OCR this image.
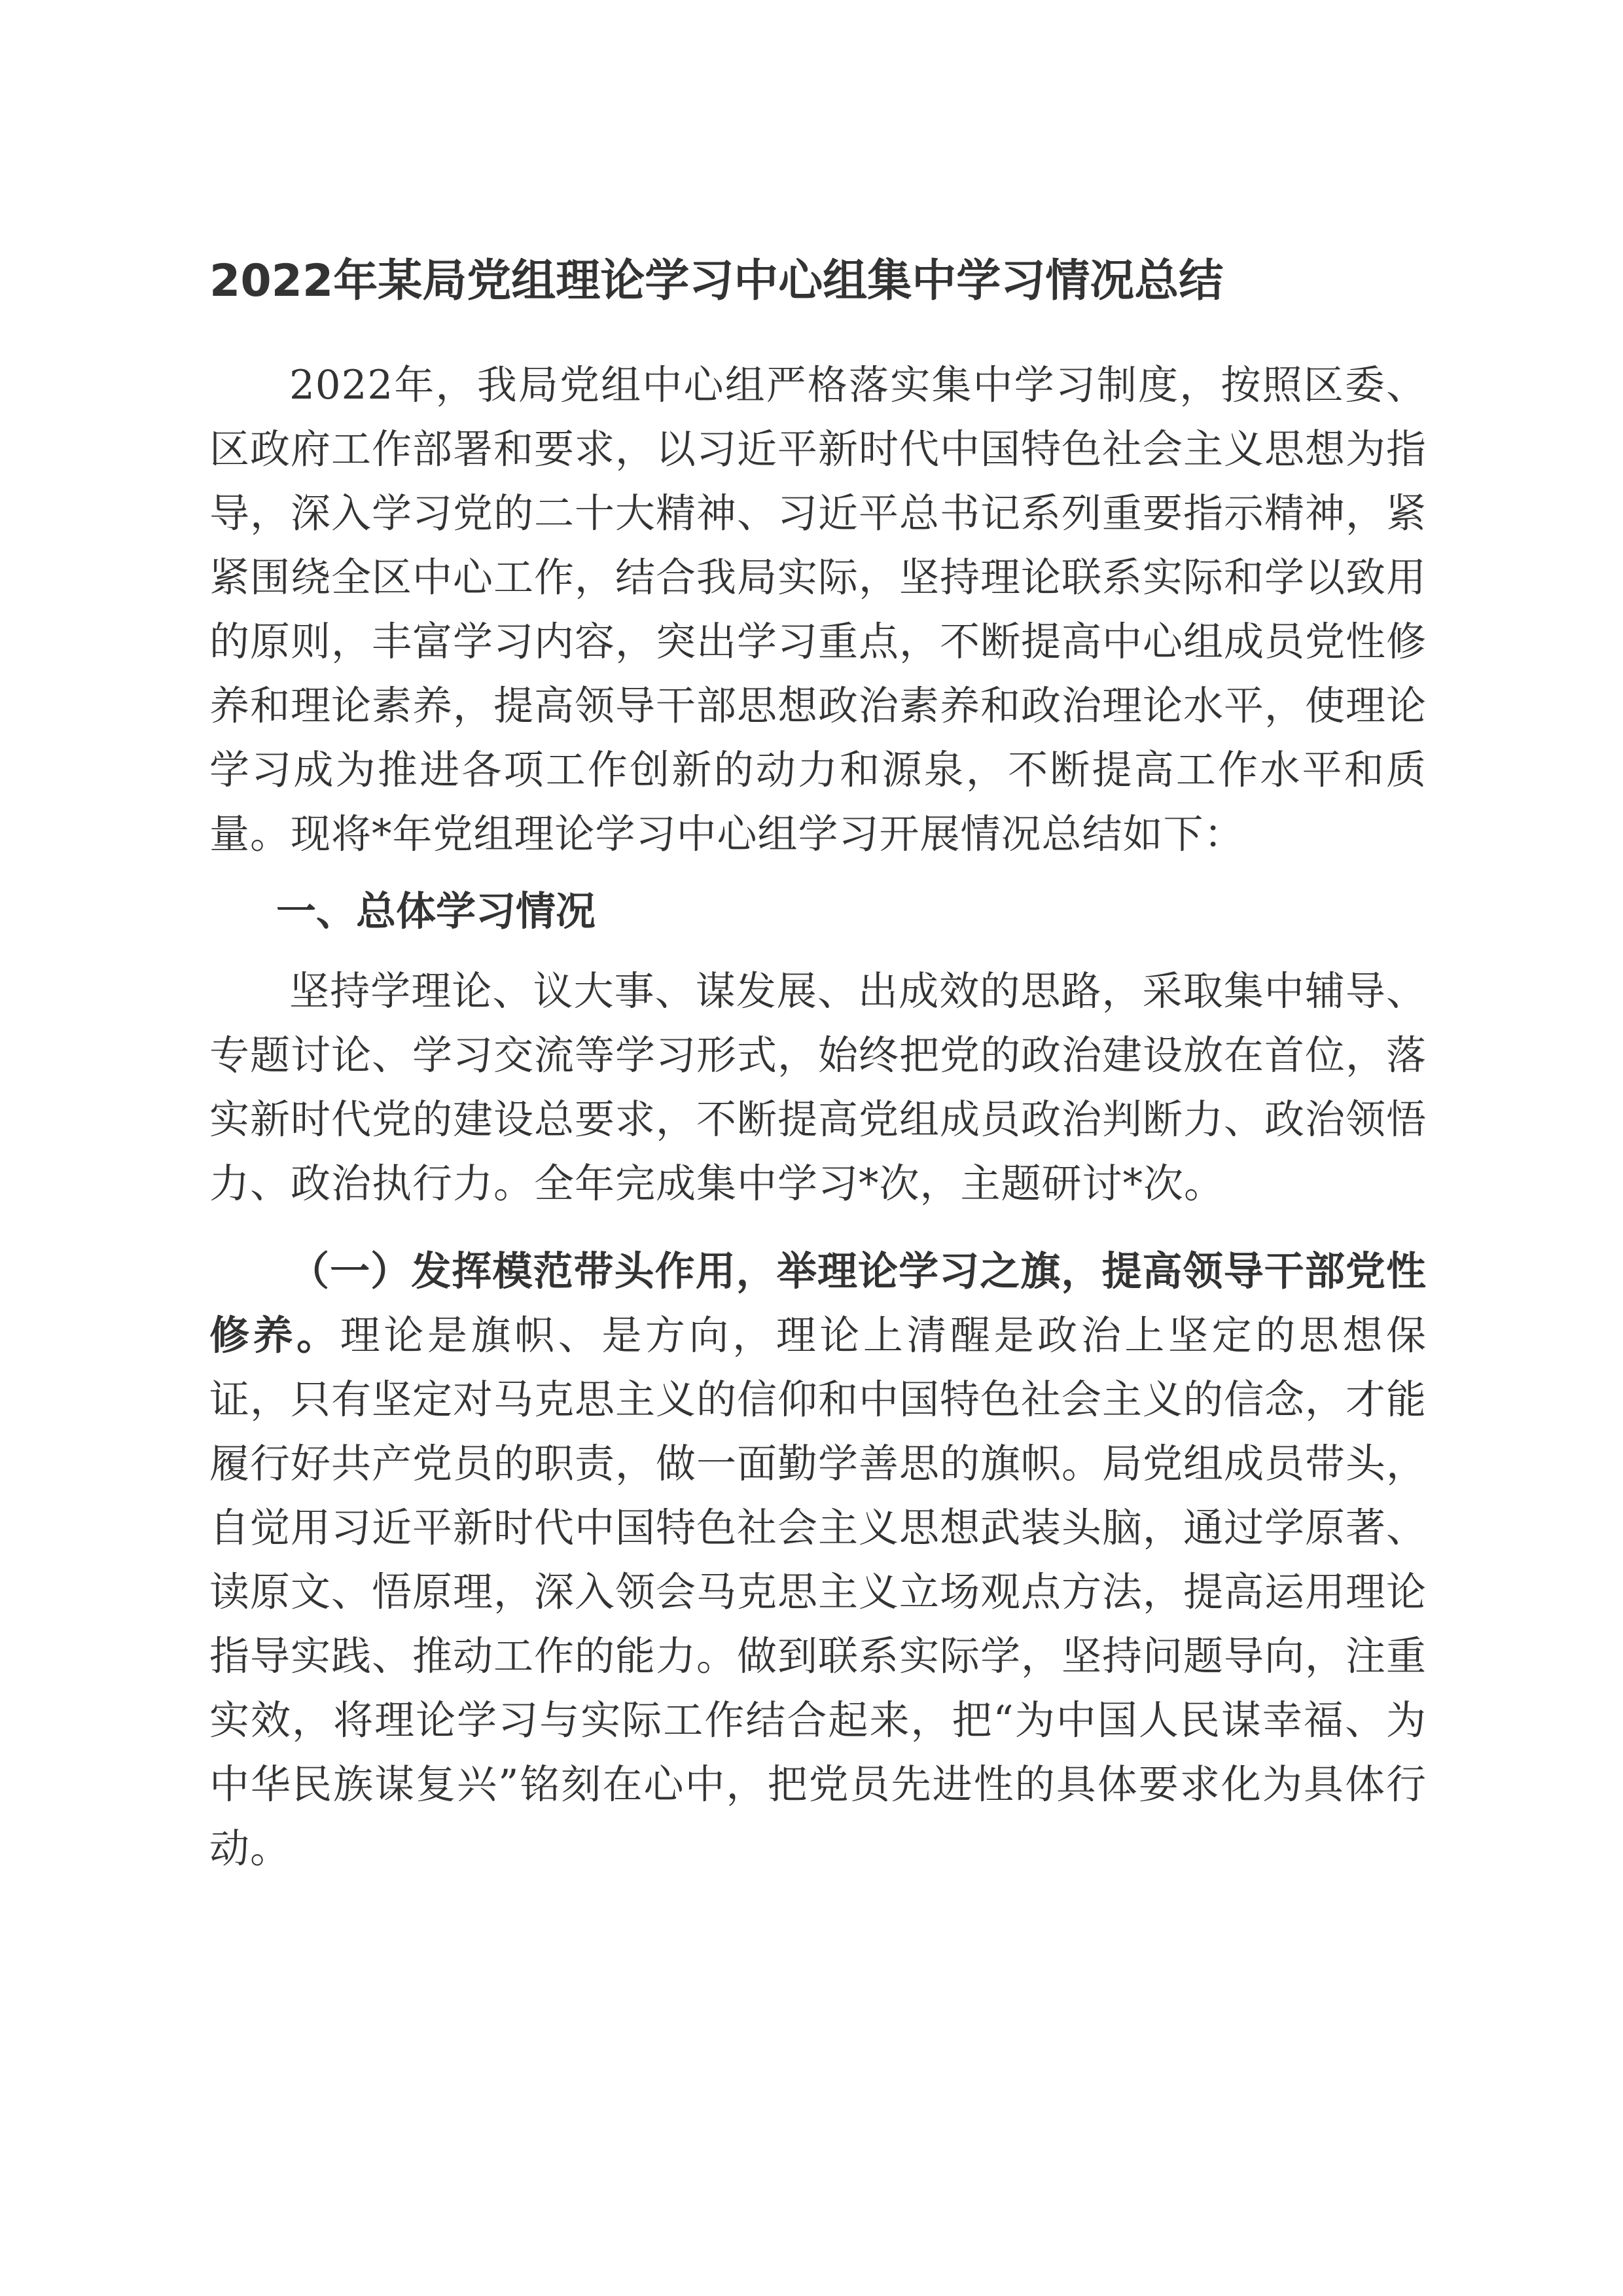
2022年某局党组理论学习中心组集中学习情况总结

2022年，我局党组中心组严格落实集中学习制度，按照区委、区政府工作部署和要求，以习近平新时代中国特色社会主义思想为指导，深入学习党的二十大精神、习近平总书记系列重要指示精神，紧紧围绕全区中心工作，结合我局实际，坚持理论联系实际和学以致用的原则，丰富学习内容，突出学习重点，不断提高中心组成员党性修养和理论素养，提高领导干部思想政治素养和政治理论水平，使理论学习成为推进各项工作创新的动力和源泉，不断提高工作水平和质量。现将*年党组理论学习中心组学习开展情况总结如下：

一、总体学习情况

坚持学理论、议大事、谋发展、出成效的思路，采取集中辅导、专题讨论、学习交流等学习形式，始终把党的政治建设放在首位，落实新时代党的建设总要求，不断提高党组成员政治判断力、政治领悟力、政治执行力。全年完成集中学习*次，主题研讨*次。

（一）发挥模范带头作用，举理论学习之旗，提高领导干部党性修养。理论是旗帜、是方向，理论上清醒是政治上坚定的思想保证，只有坚定对马克思主义的信仰和中国特色社会主义的信念，才能履行好共产党员的职责，做一面勤学善思的旗帜。局党组成员带头，自觉用习近平新时代中国特色社会主义思想武装头脑，通过学原著、读原文、悟原理，深入领会马克思主义立场观点方法，提高运用理论指导实践、推动工作的能力。做到联系实际学，坚持问题导向，注重实效，将理论学习与实际工作结合起来，把“为中国人民谋幸福、为中华民族谋复兴”铭刻在心中，把党员先进性的具体要求化为具体行动。
